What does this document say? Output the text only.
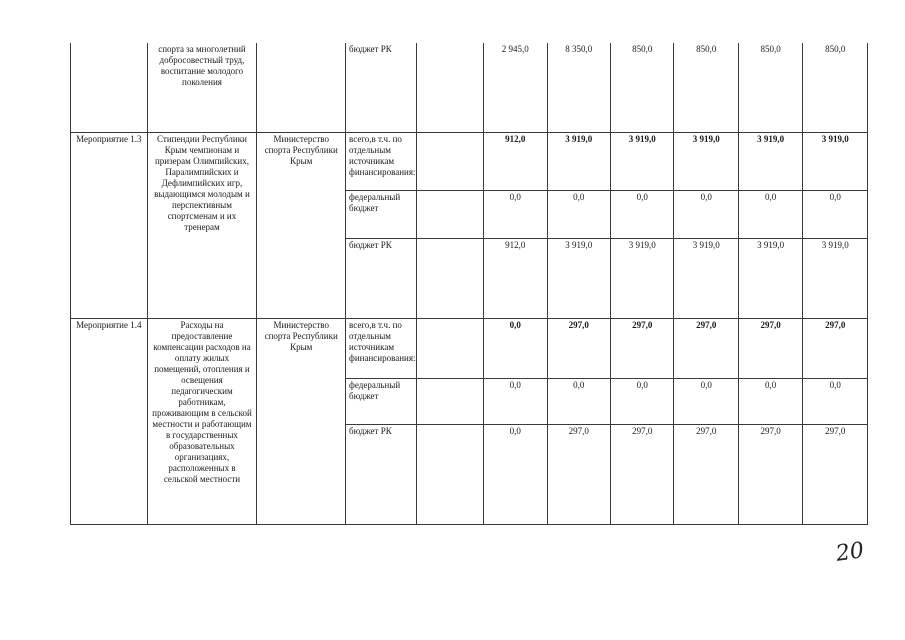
	спорта за многолетний добросовестный труд, воспитание молодого поколения		бюджет РК		2 945,0	8 350,0	850,0	850,0	850,0	850,0
Мероприятие 1.3	Стипендии Республики Крым чемпионам и призерам Олимпийских, Паралимпийских и Дефлимпийских игр, выдающимся молодым и перспективным спортсменам и их тренерам	Министерство спорта Республики Крым	всего,в т.ч. по отдельным источникам финансирования:		912,0	3 919,0	3 919,0	3 919,0	3 919,0	3 919,0
			федеральный бюджет		0,0	0,0	0,0	0,0	0,0	0,0
			бюджет РК		912,0	3 919,0	3 919,0	3 919,0	3 919,0	3 919,0
Мероприятие 1.4	Расходы на предоставление компенсации расходов на оплату жилых помещений, отопления и освещения педагогическим работникам, проживающим в сельской местности и работающим в государственных образовательных организациях, расположенных в сельской местности	Министерство спорта Республики Крым	всего,в т.ч. по отдельным источникам финансирования:		0,0	297,0	297,0	297,0	297,0	297,0
			федеральный бюджет		0,0	0,0	0,0	0,0	0,0	0,0
			бюджет РК		0,0	297,0	297,0	297,0	297,0	297,0
20
